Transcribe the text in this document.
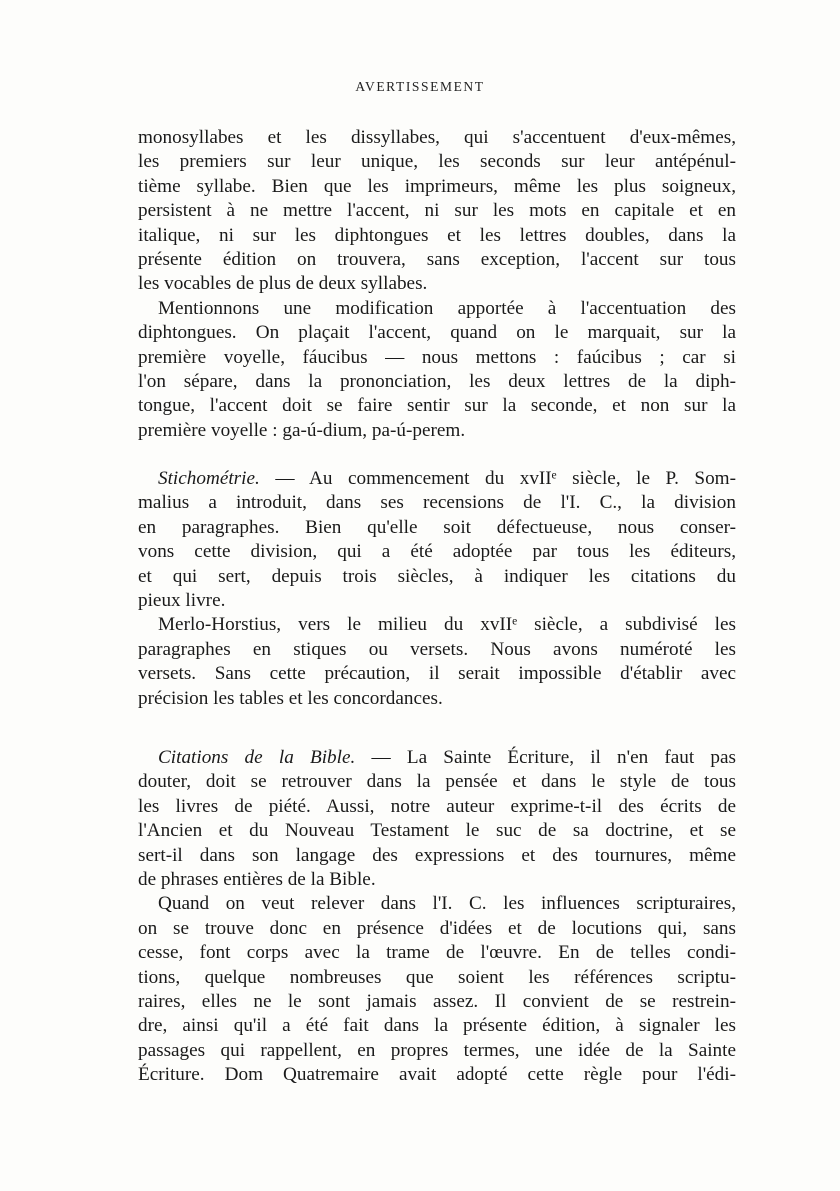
AVERTISSEMENT
monosyllabes et les dissyllabes, qui s'accentuent d'eux-mêmes,
les premiers sur leur unique, les seconds sur leur antépénul-
tième syllabe. Bien que les imprimeurs, même les plus soigneux,
persistent à ne mettre l'accent, ni sur les mots en capitale et en
italique, ni sur les diphtongues et les lettres doubles, dans la
présente édition on trouvera, sans exception, l'accent sur tous
les vocables de plus de deux syllabes.
Mentionnons une modification apportée à l'accentuation des
diphtongues. On plaçait l'accent, quand on le marquait, sur la
première voyelle, fáucibus — nous mettons : faúcibus ; car si
l'on sépare, dans la prononciation, les deux lettres de la diph-
tongue, l'accent doit se faire sentir sur la seconde, et non sur la
première voyelle : ga-ú-dium, pa-ú-perem.
Stichométrie. — Au commencement du xvIIᵉ siècle, le P. Som-
malius a introduit, dans ses recensions de l'I. C., la division
en paragraphes. Bien qu'elle soit défectueuse, nous conser-
vons cette division, qui a été adoptée par tous les éditeurs,
et qui sert, depuis trois siècles, à indiquer les citations du
pieux livre.
Merlo-Horstius, vers le milieu du xvIIᵉ siècle, a subdivisé les
paragraphes en stiques ou versets. Nous avons numéroté les
versets. Sans cette précaution, il serait impossible d'établir avec
précision les tables et les concordances.
Citations de la Bible. — La Sainte Écriture, il n'en faut pas
douter, doit se retrouver dans la pensée et dans le style de tous
les livres de piété. Aussi, notre auteur exprime-t-il des écrits de
l'Ancien et du Nouveau Testament le suc de sa doctrine, et se
sert-il dans son langage des expressions et des tournures, même
de phrases entières de la Bible.
Quand on veut relever dans l'I. C. les influences scripturaires,
on se trouve donc en présence d'idées et de locutions qui, sans
cesse, font corps avec la trame de l'œuvre. En de telles condi-
tions, quelque nombreuses que soient les références scriptu-
raires, elles ne le sont jamais assez. Il convient de se restrein-
dre, ainsi qu'il a été fait dans la présente édition, à signaler les
passages qui rappellent, en propres termes, une idée de la Sainte
Écriture. Dom Quatremaire avait adopté cette règle pour l'édi-
